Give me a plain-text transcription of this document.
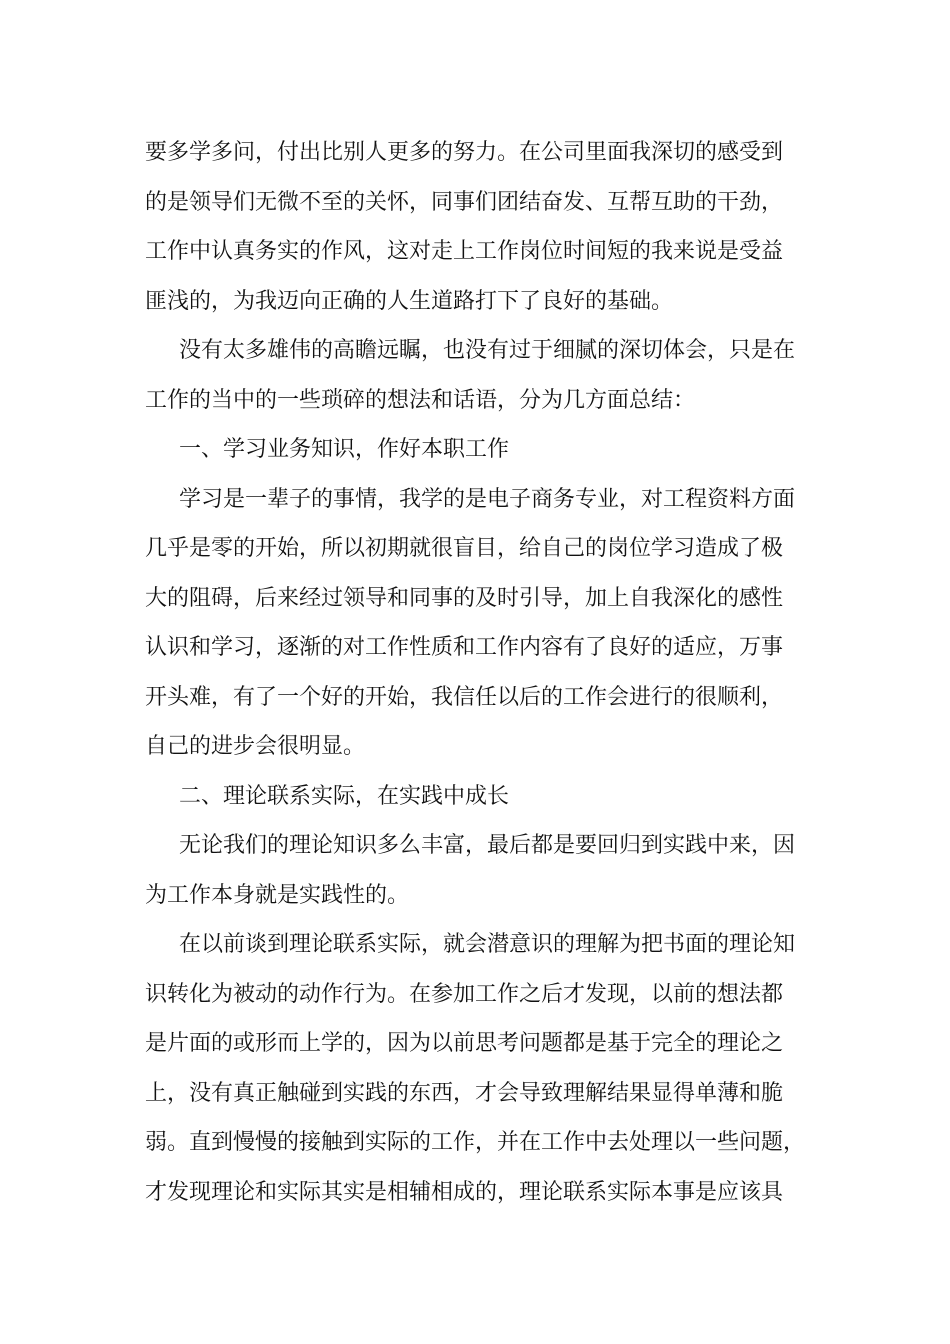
要多学多问，付出比别人更多的努力。在公司里面我深切的感受到
的是领导们无微不至的关怀，同事们团结奋发、互帮互助的干劲，
工作中认真务实的作风，这对走上工作岗位时间短的我来说是受益
匪浅的，为我迈向正确的人生道路打下了良好的基础。
没有太多雄伟的高瞻远瞩，也没有过于细腻的深切体会，只是在
工作的当中的一些琐碎的想法和话语，分为几方面总结：
一、学习业务知识，作好本职工作
学习是一辈子的事情，我学的是电子商务专业，对工程资料方面
几乎是零的开始，所以初期就很盲目，给自己的岗位学习造成了极
大的阻碍，后来经过领导和同事的及时引导，加上自我深化的感性
认识和学习，逐渐的对工作性质和工作内容有了良好的适应，万事
开头难，有了一个好的开始，我信任以后的工作会进行的很顺利，
自己的进步会很明显。
二、理论联系实际，在实践中成长
无论我们的理论知识多么丰富，最后都是要回归到实践中来，因
为工作本身就是实践性的。
在以前谈到理论联系实际，就会潜意识的理解为把书面的理论知
识转化为被动的动作行为。在参加工作之后才发现，以前的想法都
是片面的或形而上学的，因为以前思考问题都是基于完全的理论之
上，没有真正触碰到实践的东西，才会导致理解结果显得单薄和脆
弱。直到慢慢的接触到实际的工作，并在工作中去处理以一些问题，
才发现理论和实际其实是相辅相成的，理论联系实际本事是应该具
